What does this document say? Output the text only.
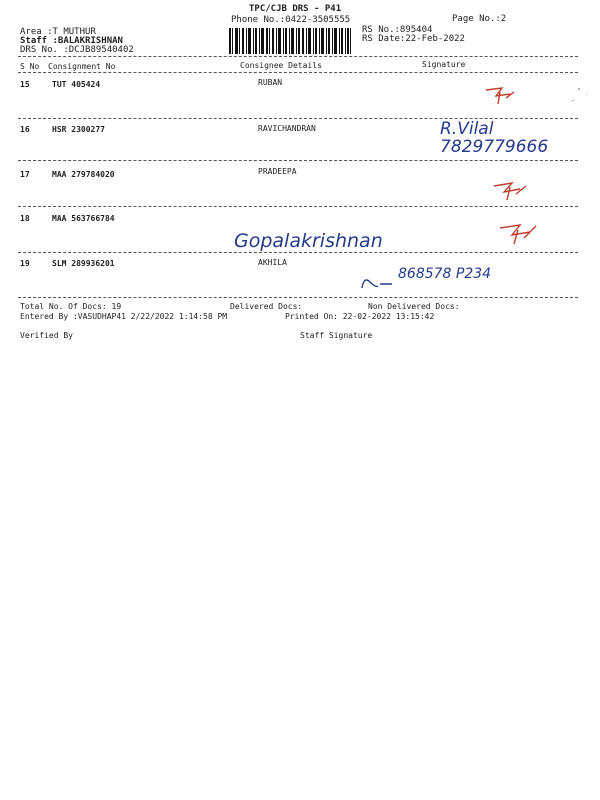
TPC/CJB DRS - P41
Phone No.:0422-3505555
RS No.:895404
RS Date:22-Feb-2022
Page No.:2
Area :T MUTHUR
Staff :BALAKRISHNAN
DRS No. :DCJB89540402
S No Consignment No	Consignee Details	Signature
15	TUT 405424	RUBAN
16	HSR 2300277	RAVICHANDRAN	R.Vilal 7829779666
17	MAA 279784020	PRADEEPA
18	MAA 563766784
Gopalakrishnan
19	SLM 289936201	AKHILA
868578 P234
Total No. Of Docs: 19	Delivered Docs:	Non Delivered Docs:
Entered By :VASUDHAP41 2/22/2022 1:14:58 PM	Printed On: 22-02-2022 13:15:42
Verified By	Staff Signature
